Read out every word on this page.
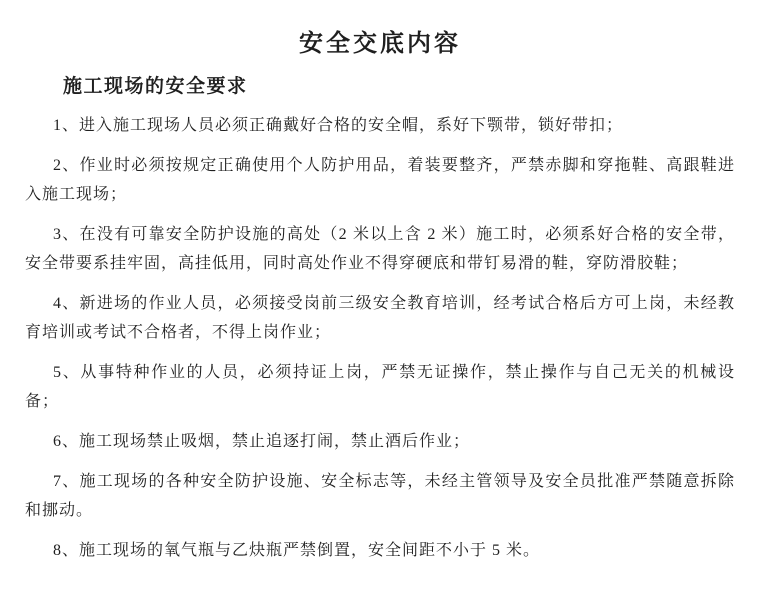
安全交底内容
施工现场的安全要求

1、进入施工现场人员必须正确戴好合格的安全帽，系好下颚带，锁好带扣；

2、作业时必须按规定正确使用个人防护用品，着装要整齐，严禁赤脚和穿拖鞋、高跟鞋进入施工现场；

3、在没有可靠安全防护设施的高处（2 米以上含 2 米）施工时，必须系好合格的安全带，安全带要系挂牢固，高挂低用，同时高处作业不得穿硬底和带钉易滑的鞋，穿防滑胶鞋；

4、新进场的作业人员，必须接受岗前三级安全教育培训，经考试合格后方可上岗，未经教育培训或考试不合格者，不得上岗作业；

5、从事特种作业的人员，必须持证上岗，严禁无证操作，禁止操作与自己无关的机械设备；

6、施工现场禁止吸烟，禁止追逐打闹，禁止酒后作业；

7、施工现场的各种安全防护设施、安全标志等，未经主管领导及安全员批准严禁随意拆除和挪动。

8、施工现场的氧气瓶与乙炔瓶严禁倒置，安全间距不小于 5 米。
